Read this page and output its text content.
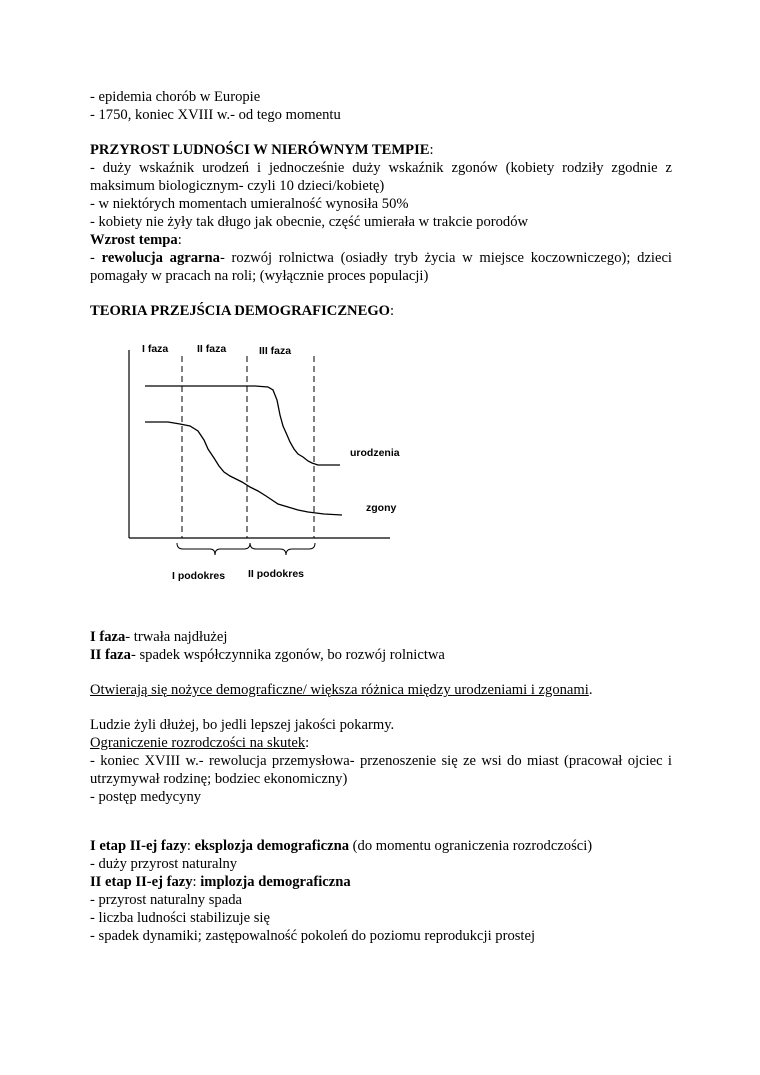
- epidemia chorób w Europie

- 1750, koniec XVIII w.- od tego momentu

PRZYROST LUDNOŚCI W NIERÓWNYM TEMPIE:

- duży wskaźnik urodzeń i jednocześnie duży wskaźnik zgonów (kobiety rodziły zgodnie z maksimum biologicznym- czyli 10 dzieci/kobietę)

- w niektórych momentach umieralność wynosiła 50%

- kobiety nie żyły tak długo jak obecnie, część umierała w trakcie porodów

Wzrost tempa:

- rewolucja agrarna- rozwój rolnictwa (osiadły tryb życia w miejsce koczowniczego); dzieci pomagały w pracach na roli; (wyłącznie proces populacji)

TEORIA PRZEJŚCIA DEMOGRAFICZNEGO:

I faza	II faza	III faza
urodzenia
zgony
I podokres II podokres

I faza- trwała najdłużej

II faza- spadek współczynnika zgonów, bo rozwój rolnictwa

Otwierają się nożyce demograficzne/ większa różnica między urodzeniami i zgonami.

Ludzie żyli dłużej, bo jedli lepszej jakości pokarmy.

Ograniczenie rozrodczości na skutek:

- koniec XVIII w.- rewolucja przemysłowa- przenoszenie się ze wsi do miast (pracował ojciec i utrzymywał rodzinę; bodziec ekonomiczny)

- postęp medycyny

I etap II-ej fazy: eksplozja demograficzna (do momentu ograniczenia rozrodczości)

- duży przyrost naturalny

II etap II-ej fazy: implozja demograficzna

- przyrost naturalny spada

- liczba ludności stabilizuje się

- spadek dynamiki; zastępowalność pokoleń do poziomu reprodukcji prostej
